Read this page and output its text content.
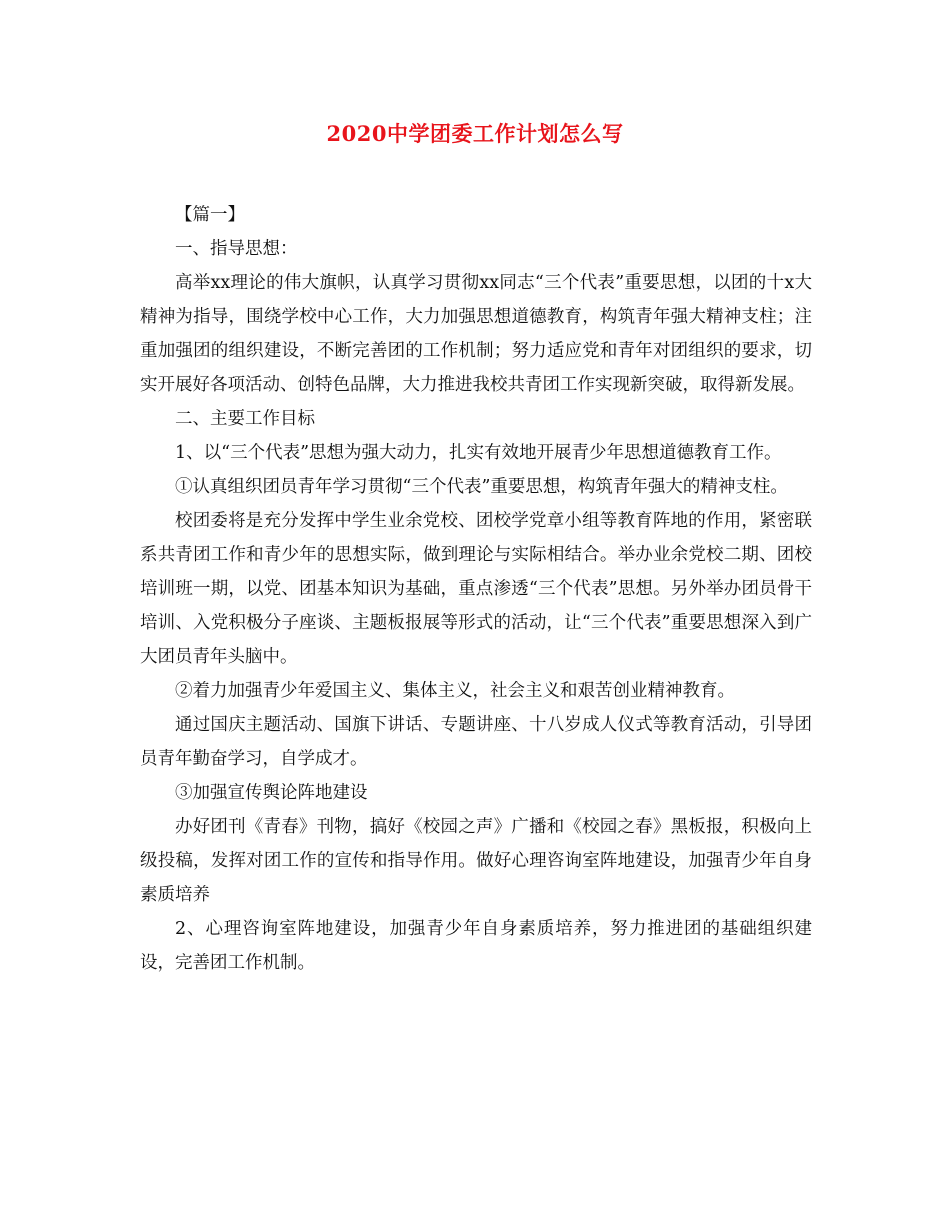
2020中学团委工作计划怎么写

【篇一】

一、指导思想：

高举xx理论的伟大旗帜，认真学习贯彻xx同志“三个代表”重要思想，以团的十x大精神为指导，围绕学校中心工作，大力加强思想道德教育，构筑青年强大精神支柱；注重加强团的组织建设，不断完善团的工作机制；努力适应党和青年对团组织的要求，切实开展好各项活动、创特色品牌，大力推进我校共青团工作实现新突破，取得新发展。

二、主要工作目标

1、以“三个代表”思想为强大动力，扎实有效地开展青少年思想道德教育工作。

①认真组织团员青年学习贯彻“三个代表”重要思想，构筑青年强大的精神支柱。

校团委将是充分发挥中学生业余党校、团校学党章小组等教育阵地的作用，紧密联系共青团工作和青少年的思想实际，做到理论与实际相结合。举办业余党校二期、团校培训班一期，以党、团基本知识为基础，重点渗透“三个代表”思想。另外举办团员骨干培训、入党积极分子座谈、主题板报展等形式的活动，让“三个代表”重要思想深入到广大团员青年头脑中。

②着力加强青少年爱国主义、集体主义，社会主义和艰苦创业精神教育。

通过国庆主题活动、国旗下讲话、专题讲座、十八岁成人仪式等教育活动，引导团员青年勤奋学习，自学成才。

③加强宣传舆论阵地建设

办好团刊《青春》刊物，搞好《校园之声》广播和《校园之春》黑板报，积极向上级投稿，发挥对团工作的宣传和指导作用。做好心理咨询室阵地建设，加强青少年自身素质培养

2、心理咨询室阵地建设，加强青少年自身素质培养，努力推进团的基础组织建设，完善团工作机制。
